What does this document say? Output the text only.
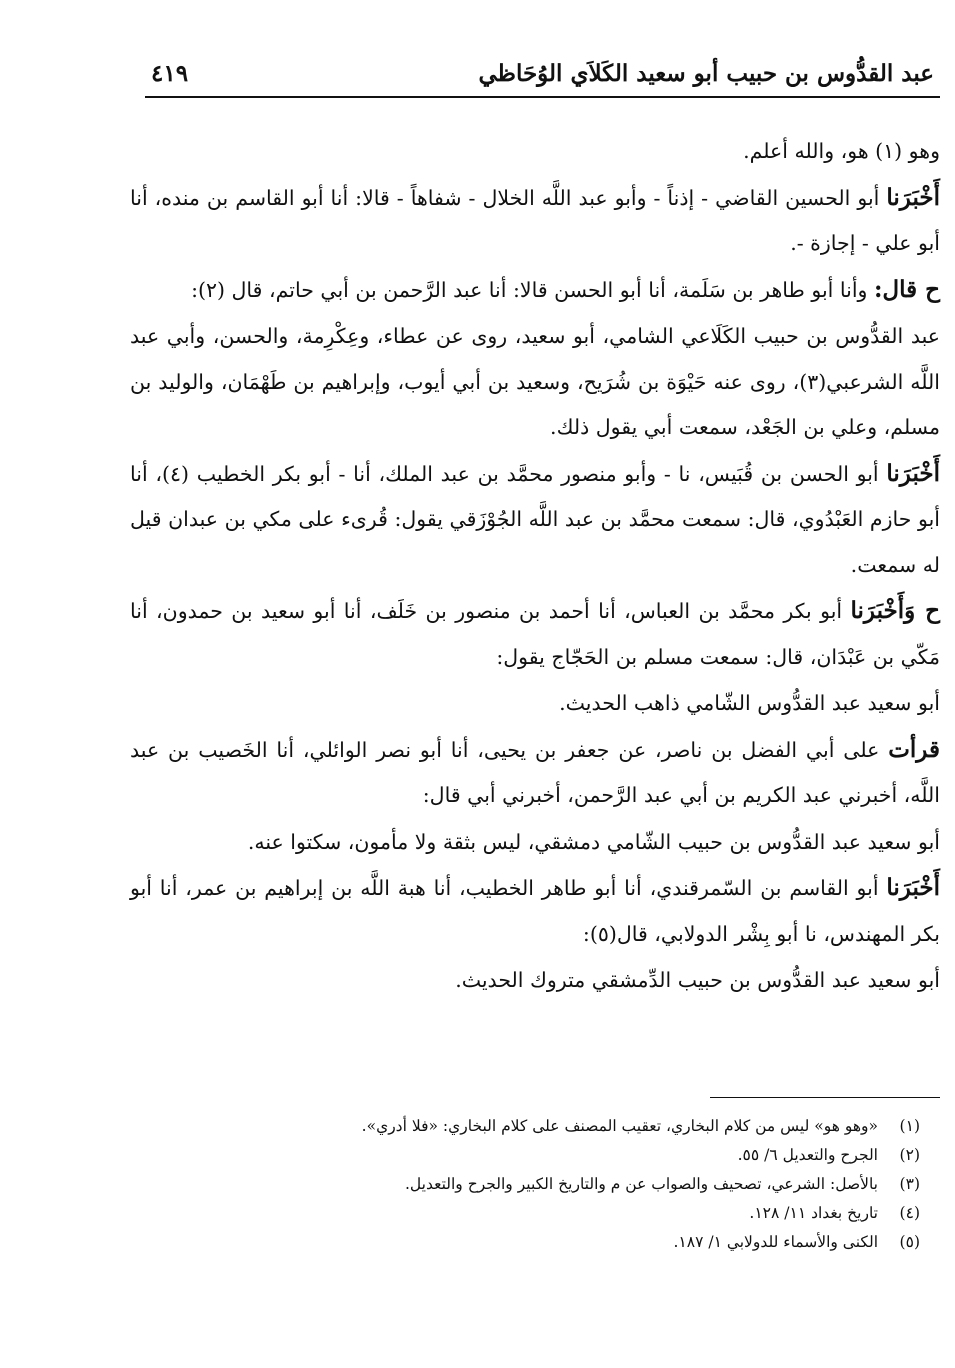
عبد القدُّوس بن حبيب أبو سعيد الكَلاَي الوُحَاظي
٤١٩

وهو (١) هو، والله أعلم.

أَخْبَرَنا أبو الحسين القاضي - إذناً - وأبو عبد اللَّه الخلال - شفاهاً - قالا: أنا أبو القاسم بن منده، أنا أبو علي - إجازة -.

ح قال: وأنا أبو طاهر بن سَلَمة، أنا أبو الحسن قالا: أنا عبد الرَّحمن بن أبي حاتم، قال (٢):

عبد القدُّوس بن حبيب الكَلَاعي الشامي، أبو سعيد، روى عن عطاء، وعِكْرِمة، والحسن، وأبي عبد اللَّه الشرعبي(٣)، روى عنه حَيْوَة بن شُرَيح، وسعيد بن أبي أيوب، وإبراهيم بن طَهْمَان، والوليد بن مسلم، وعلي بن الجَعْد، سمعت أبي يقول ذلك.

أَخْبَرَنا أبو الحسن بن قُبَيس، نا - وأبو منصور محمَّد بن عبد الملك، أنا - أبو بكر الخطيب (٤)، أنا أبو حازم العَبْدُوي، قال: سمعت محمَّد بن عبد اللَّه الجُوْزَقي يقول: قُرىء على مكي بن عبدان قيل له سمعت.

ح وَأَخْبَرَنا أبو بكر محمَّد بن العباس، أنا أحمد بن منصور بن خَلَف، أنا أبو سعيد بن حمدون، أنا مَكّي بن عَبْدَان، قال: سمعت مسلم بن الحَجّاج يقول:

أبو سعيد عبد القدُّوس الشّامي ذاهب الحديث.

قرأت على أبي الفضل بن ناصر، عن جعفر بن يحيى، أنا أبو نصر الوائلي، أنا الخَصيب بن عبد اللَّه، أخبرني عبد الكريم بن أبي عبد الرَّحمن، أخبرني أبي قال:

أبو سعيد عبد القدُّوس بن حبيب الشّامي دمشقي، ليس بثقة ولا مأمون، سكتوا عنه.

أَخْبَرَنا أبو القاسم بن السّمرقندي، أنا أبو طاهر الخطيب، أنا هبة اللَّه بن إبراهيم بن عمر، أنا أبو بكر المهندس، نا أبو بِشْر الدولابي، قال(٥):

أبو سعيد عبد القدُّوس بن حبيب الدِّمشقي متروك الحديث.

(١)
«وهو هو» ليس من كلام البخاري، تعقيب المصنف على كلام البخاري: «فلا أدري».
(٢)
الجرح والتعديل ٦/ ٥٥.
(٣)
بالأصل: الشرعي، تصحيف والصواب عن م والتاريخ الكبير والجرح والتعديل.
(٤)
تاريخ بغداد ١١/ ١٢٨.
(٥)
الكنى والأسماء للدولابي ١/ ١٨٧.
